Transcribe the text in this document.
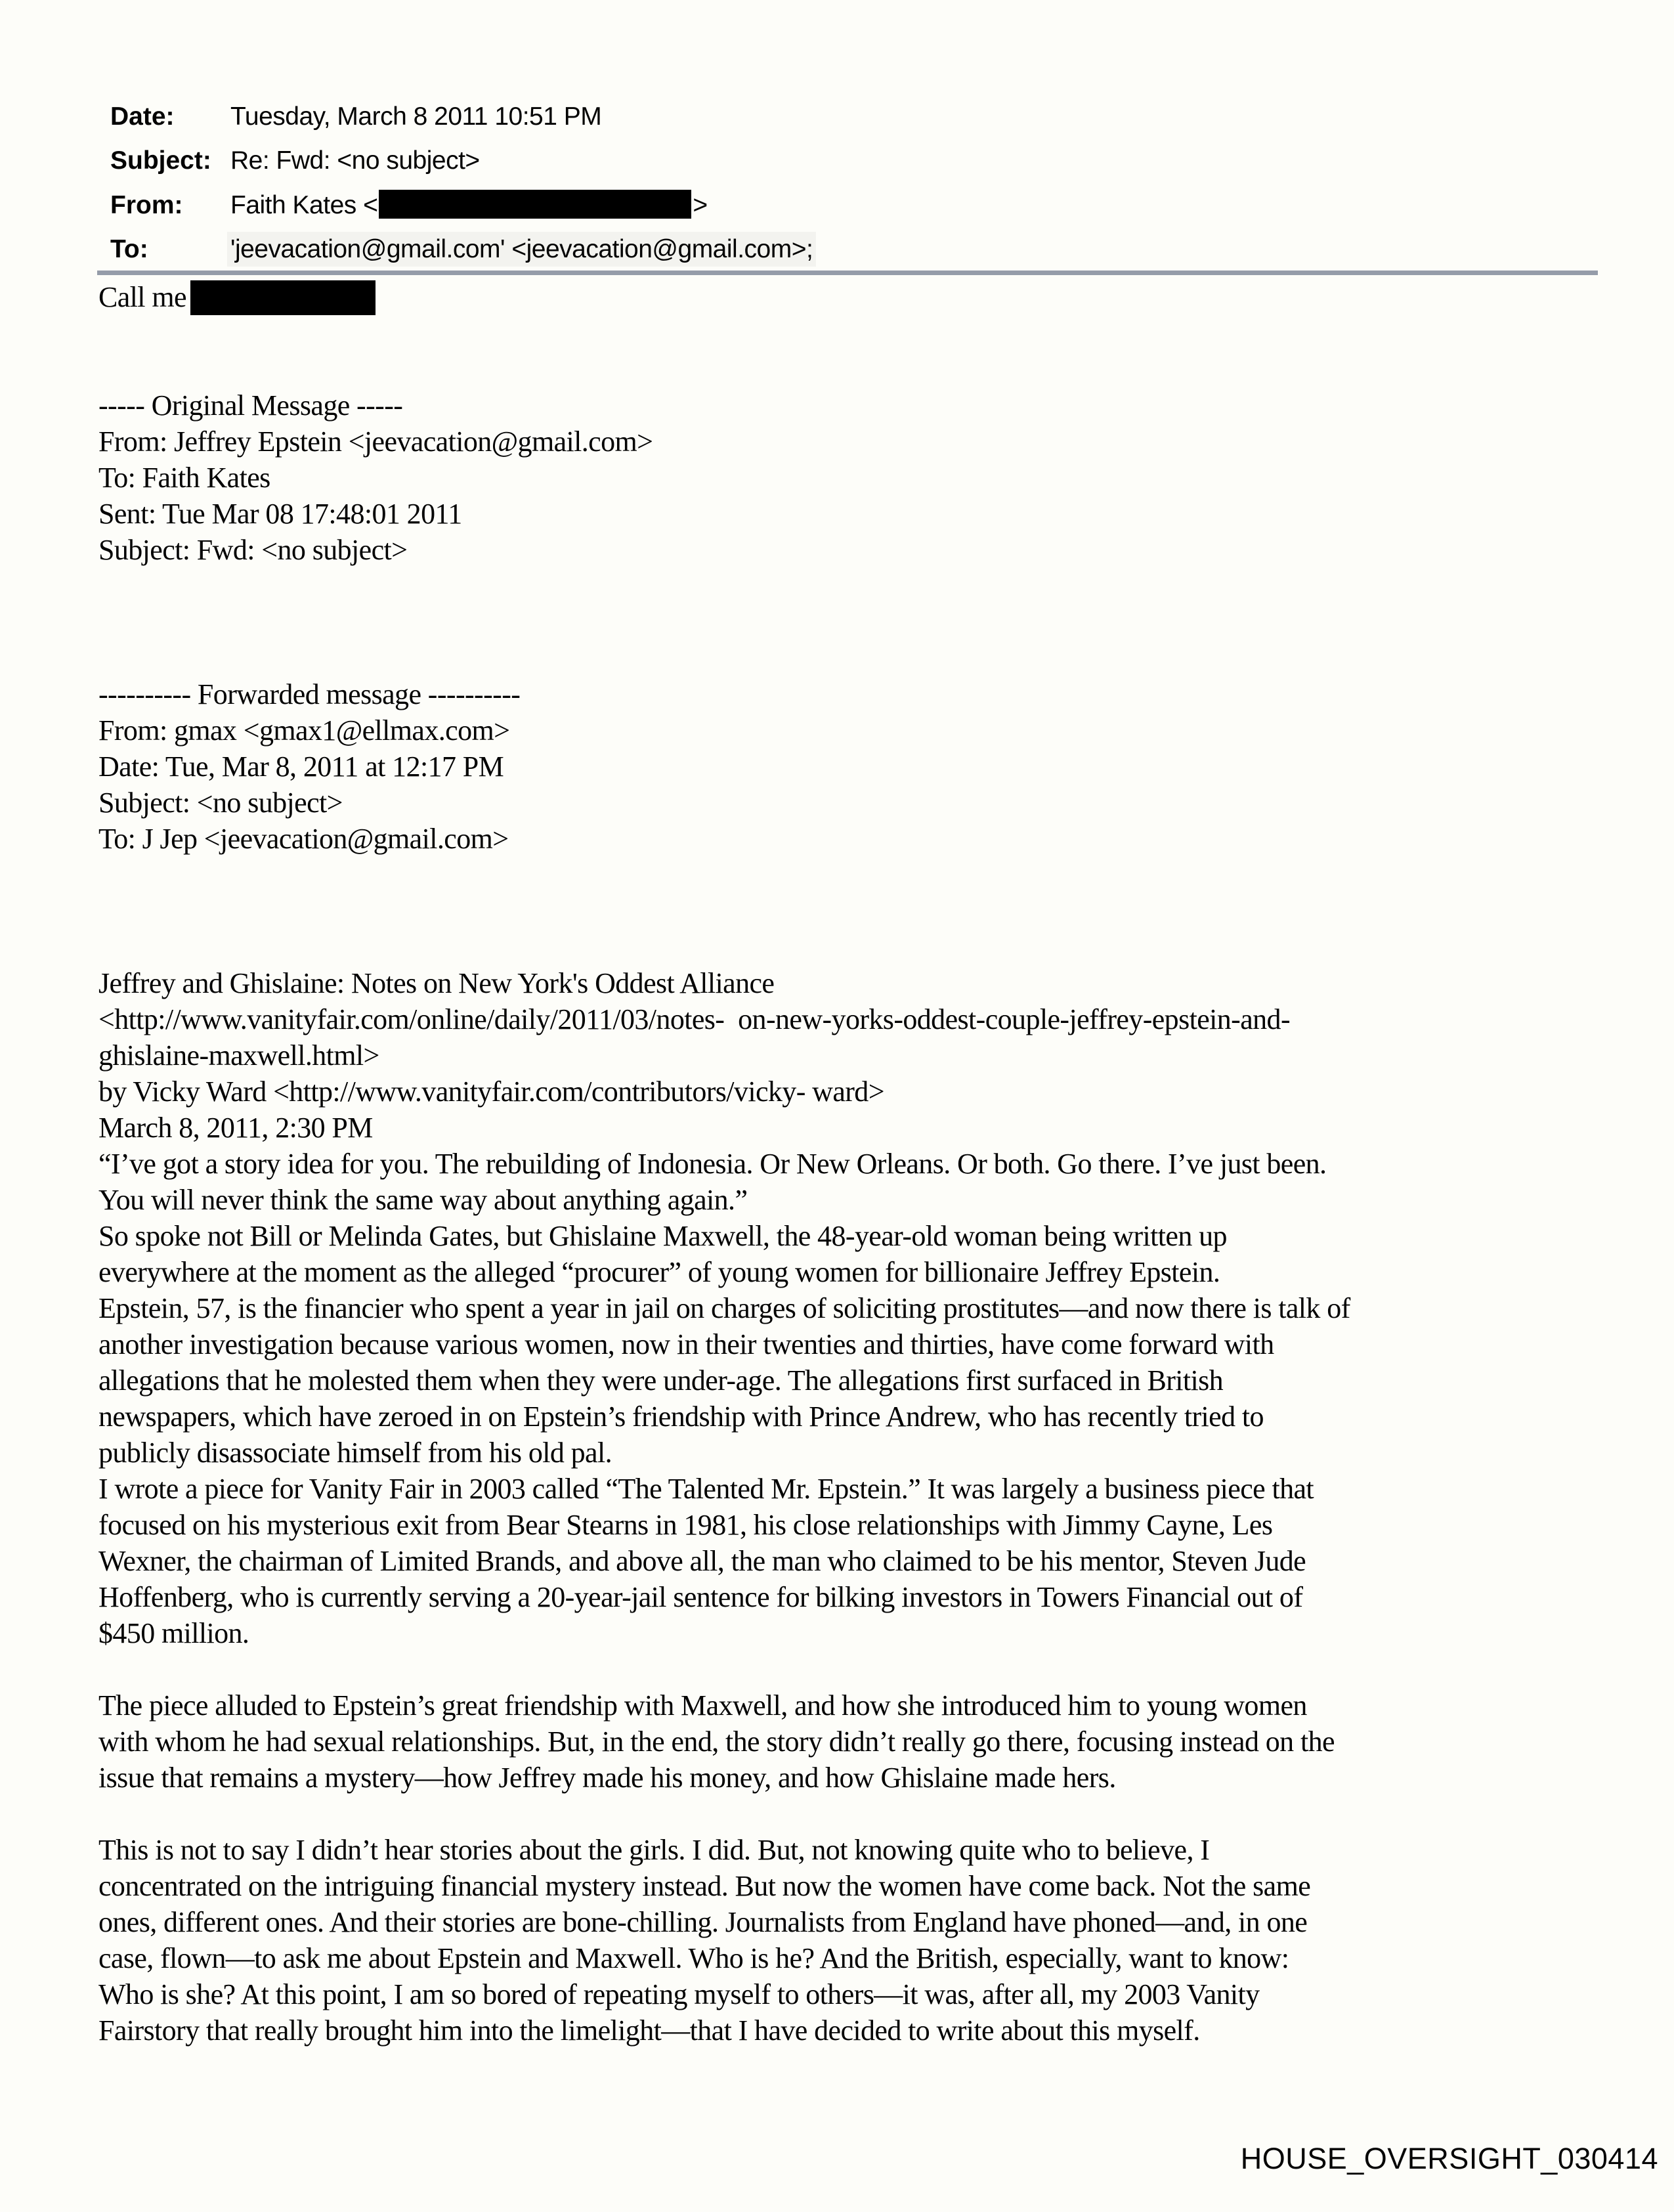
Date:	Tuesday, March 8 2011 10:51 PM
Subject: Re: Fwd: <no subject>
From:	Faith Kates <	>
To:	'jeevacation@gmail.com' <jeevacation@gmail.com>;
Call me

----- Original Message -----
From: Jeffrey Epstein <jeevacation@gmail.com>
To: Faith Kates
Sent: Tue Mar 08 17:48:01 2011
Subject: Fwd: <no subject>

---------- Forwarded message ----------
From: gmax <gmax1@ellmax.com>
Date: Tue, Mar 8, 2011 at 12:17 PM
Subject: <no subject>
To: J Jep <jeevacation@gmail.com>

Jeffrey and Ghislaine: Notes on New York's Oddest Alliance
<http://www.vanityfair.com/online/daily/2011/03/notes-  on-new-yorks-oddest-couple-jeffrey-epstein-and-
ghislaine-maxwell.html>
by Vicky Ward <http://www.vanityfair.com/contributors/vicky- ward>
March 8, 2011, 2:30 PM
“I’ve got a story idea for you. The rebuilding of Indonesia. Or New Orleans. Or both. Go there. I’ve just been.
You will never think the same way about anything again.”
So spoke not Bill or Melinda Gates, but Ghislaine Maxwell, the 48-year-old woman being written up
everywhere at the moment as the alleged “procurer” of young women for billionaire Jeffrey Epstein.
Epstein, 57, is the financier who spent a year in jail on charges of soliciting prostitutes—and now there is talk of
another investigation because various women, now in their twenties and thirties, have come forward with
allegations that he molested them when they were under-age. The allegations first surfaced in British
newspapers, which have zeroed in on Epstein’s friendship with Prince Andrew, who has recently tried to
publicly disassociate himself from his old pal.
I wrote a piece for Vanity Fair in 2003 called “The Talented Mr. Epstein.” It was largely a business piece that
focused on his mysterious exit from Bear Stearns in 1981, his close relationships with Jimmy Cayne, Les
Wexner, the chairman of Limited Brands, and above all, the man who claimed to be his mentor, Steven Jude
Hoffenberg, who is currently serving a 20-year-jail sentence for bilking investors in Towers Financial out of
$450 million.

The piece alluded to Epstein’s great friendship with Maxwell, and how she introduced him to young women
with whom he had sexual relationships. But, in the end, the story didn’t really go there, focusing instead on the
issue that remains a mystery—how Jeffrey made his money, and how Ghislaine made hers.

This is not to say I didn’t hear stories about the girls. I did. But, not knowing quite who to believe, I
concentrated on the intriguing financial mystery instead. But now the women have come back. Not the same
ones, different ones. And their stories are bone-chilling. Journalists from England have phoned—and, in one
case, flown—to ask me about Epstein and Maxwell. Who is he? And the British, especially, want to know:
Who is she? At this point, I am so bored of repeating myself to others—it was, after all, my 2003 Vanity
Fairstory that really brought him into the limelight—that I have decided to write about this myself.
HOUSE_OVERSIGHT_030414
